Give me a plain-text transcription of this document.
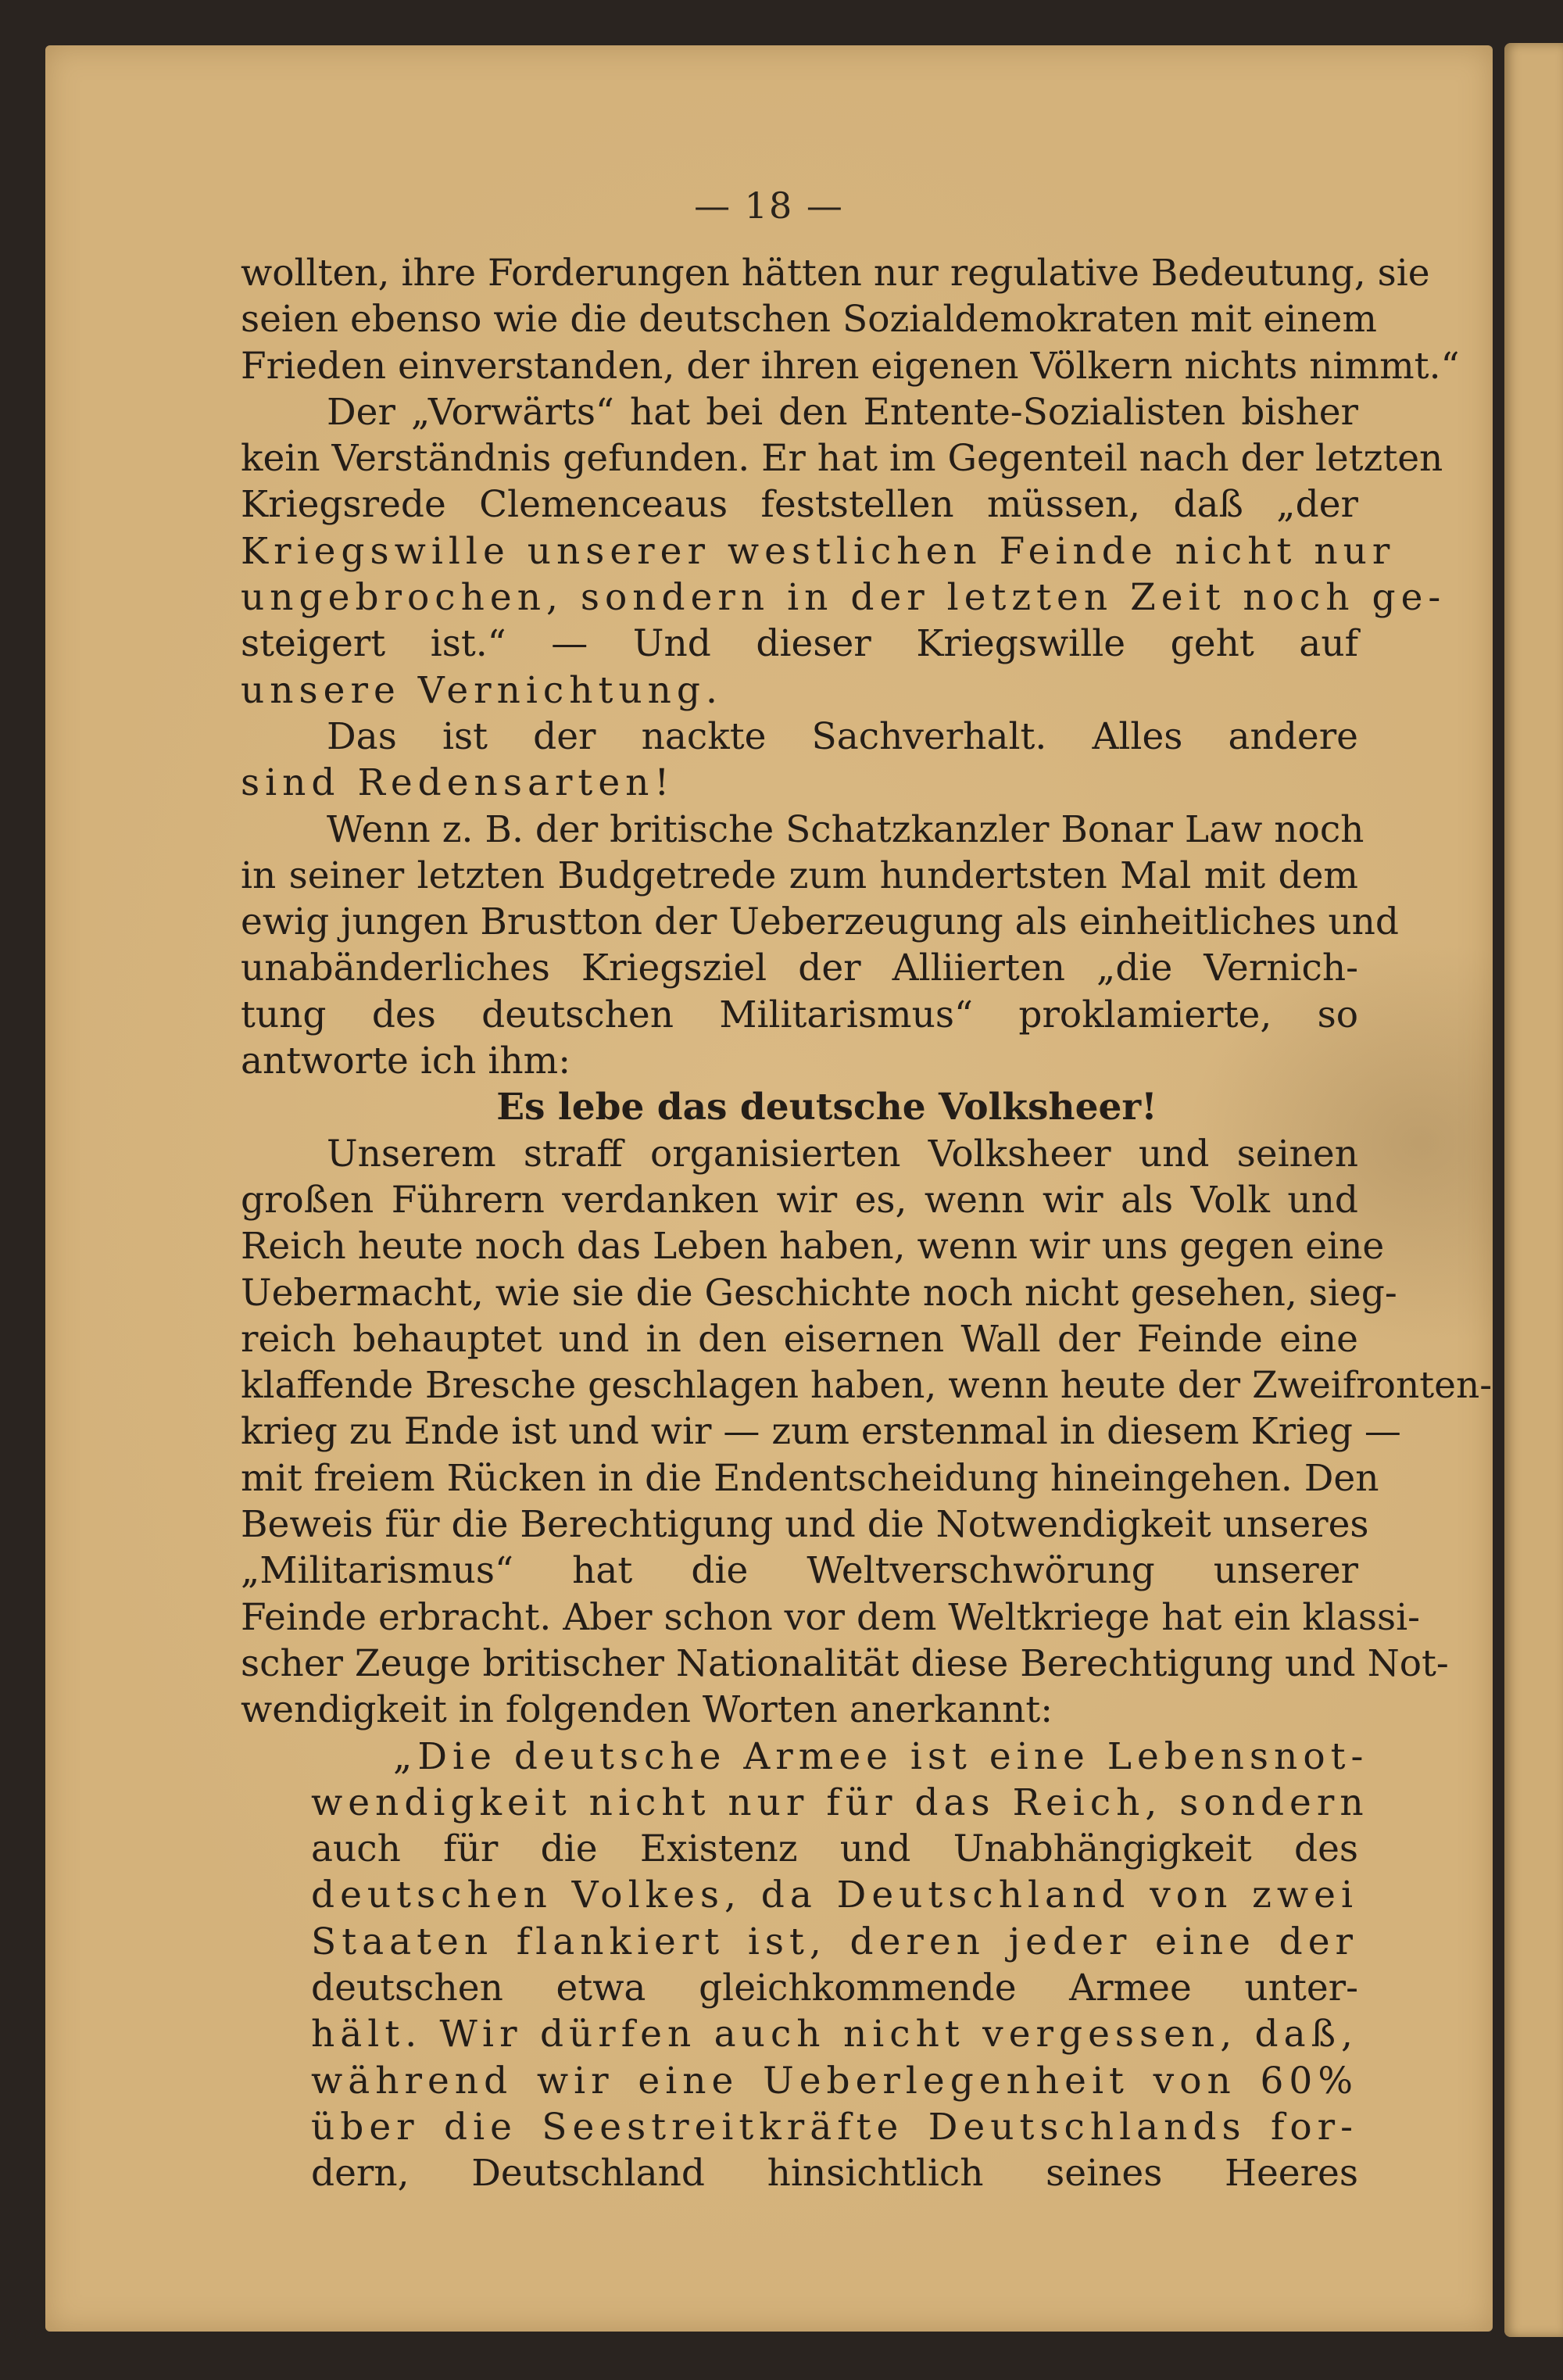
— 18 —
wollten, ihre Forderungen hätten nur regulative Bedeutung, sie
seien ebenso wie die deutschen Sozialdemokraten mit einem
Frieden einverstanden, der ihren eigenen Völkern nichts nimmt.“
Der „Vorwärts“ hat bei den Entente-Sozialisten bisher
kein Verständnis gefunden. Er hat im Gegenteil nach der letzten
Kriegsrede Clemenceaus feststellen müssen, daß „der
Kriegswille unserer westlichen Feinde nicht nur
ungebrochen, sondern in der letzten Zeit noch ge-
steigert ist.“ — Und dieser Kriegswille geht auf
unsere Vernichtung.
Das ist der nackte Sachverhalt. Alles andere
sind Redensarten!
Wenn z. B. der britische Schatzkanzler Bonar Law noch
in seiner letzten Budgetrede zum hundertsten Mal mit dem
ewig jungen Brustton der Ueberzeugung als einheitliches und
unabänderliches Kriegsziel der Alliierten „die Vernich-
tung des deutschen Militarismus“ proklamierte, so
antworte ich ihm:
Es lebe das deutsche Volksheer!
Unserem straff organisierten Volksheer und seinen
großen Führern verdanken wir es, wenn wir als Volk und
Reich heute noch das Leben haben, wenn wir uns gegen eine
Uebermacht, wie sie die Geschichte noch nicht gesehen, sieg-
reich behauptet und in den eisernen Wall der Feinde eine
klaffende Bresche geschlagen haben, wenn heute der Zweifronten-
krieg zu Ende ist und wir — zum erstenmal in diesem Krieg —
mit freiem Rücken in die Endentscheidung hineingehen. Den
Beweis für die Berechtigung und die Notwendigkeit unseres
„Militarismus“ hat die Weltverschwörung unserer
Feinde erbracht. Aber schon vor dem Weltkriege hat ein klassi-
scher Zeuge britischer Nationalität diese Berechtigung und Not-
wendigkeit in folgenden Worten anerkannt:
„Die deutsche Armee ist eine Lebensnot-
wendigkeit nicht nur für das Reich, sondern
auch für die Existenz und Unabhängigkeit des
deutschen Volkes, da Deutschland von zwei
Staaten flankiert ist, deren jeder eine der
deutschen etwa gleichkommende Armee unter-
hält. Wir dürfen auch nicht vergessen, daß,
während wir eine Ueberlegenheit von 60%
über die Seestreitkräfte Deutschlands for-
dern, Deutschland hinsichtlich seines Heeres
